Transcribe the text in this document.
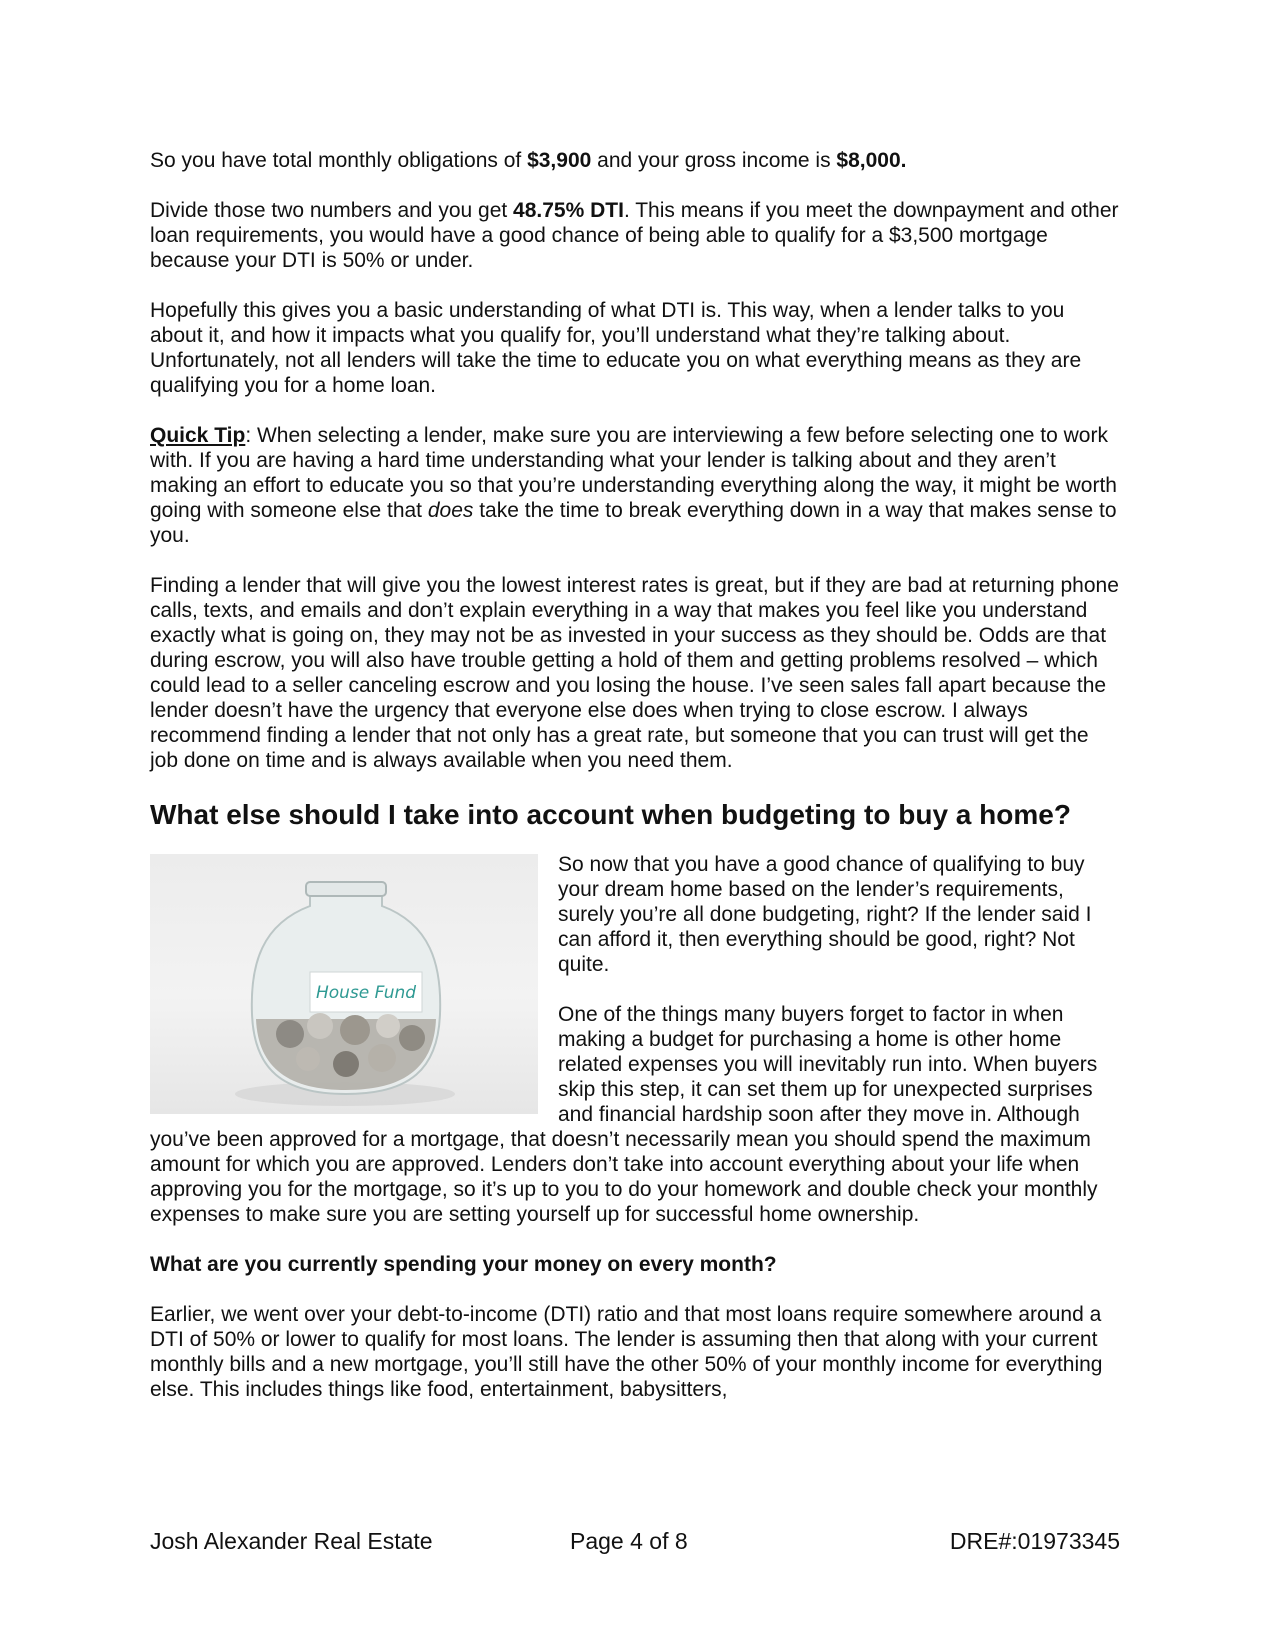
So you have total monthly obligations of $3,900 and your gross income is $8,000.

Divide those two numbers and you get 48.75% DTI. This means if you meet the downpayment and other loan requirements, you would have a good chance of being able to qualify for a $3,500 mortgage because your DTI is 50% or under.

Hopefully this gives you a basic understanding of what DTI is. This way, when a lender talks to you about it, and how it impacts what you qualify for, you’ll understand what they’re talking about. Unfortunately, not all lenders will take the time to educate you on what everything means as they are qualifying you for a home loan.

Quick Tip: When selecting a lender, make sure you are interviewing a few before selecting one to work with. If you are having a hard time understanding what your lender is talking about and they aren’t making an effort to educate you so that you’re understanding everything along the way, it might be worth going with someone else that does take the time to break everything down in a way that makes sense to you.

Finding a lender that will give you the lowest interest rates is great, but if they are bad at returning phone calls, texts, and emails and don’t explain everything in a way that makes you feel like you understand exactly what is going on, they may not be as invested in your success as they should be. Odds are that during escrow, you will also have trouble getting a hold of them and getting problems resolved – which could lead to a seller canceling escrow and you losing the house. I’ve seen sales fall apart because the lender doesn’t have the urgency that everyone else does when trying to close escrow. I always recommend finding a lender that not only has a great rate, but someone that you can trust will get the job done on time and is always available when you need them.

What else should I take into account when budgeting to buy a home?
House Fund

So now that you have a good chance of qualifying to buy your dream home based on the lender’s requirements, surely you’re all done budgeting, right? If the lender said I can afford it, then everything should be good, right? Not quite.

One of the things many buyers forget to factor in when making a budget for purchasing a home is other home related expenses you will inevitably run into. When buyers skip this step, it can set them up for unexpected surprises and financial hardship soon after they move in. Although you’ve been approved for a mortgage, that doesn’t necessarily mean you should spend the maximum amount for which you are approved. Lenders don’t take into account everything about your life when approving you for the mortgage, so it’s up to you to do your homework and double check your monthly expenses to make sure you are setting yourself up for successful home ownership.

What are you currently spending your money on every month?

Earlier, we went over your debt-to-income (DTI) ratio and that most loans require somewhere around a DTI of 50% or lower to qualify for most loans. The lender is assuming then that along with your current monthly bills and a new mortgage, you’ll still have the other 50% of your monthly income for everything else. This includes things like food, entertainment, babysitters,

Josh Alexander Real Estate	Page 4 of 8	DRE#:01973345
